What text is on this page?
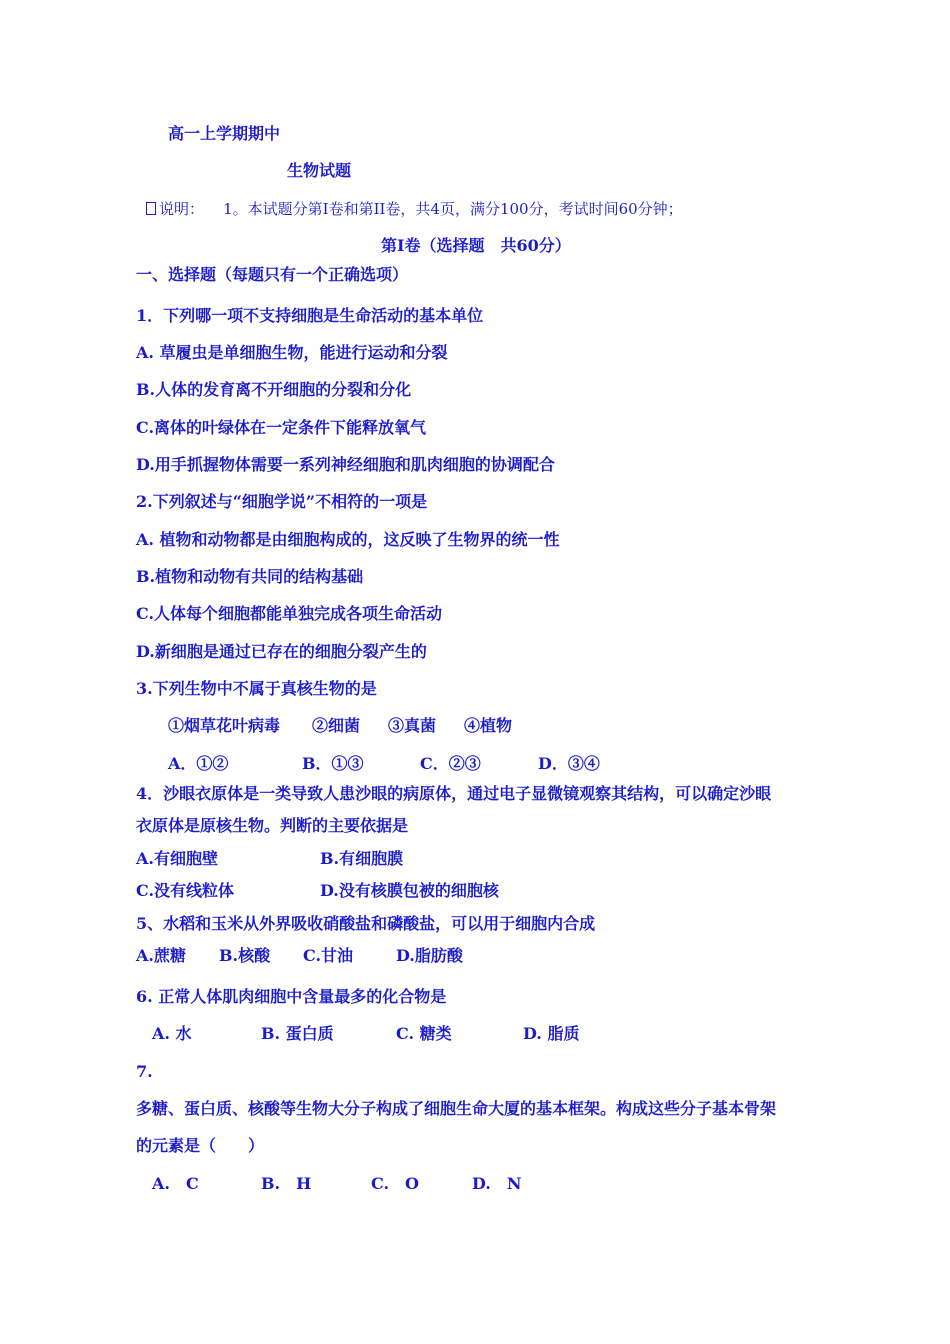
高一上学期期中
生物试题
说明： 1。本试题分第I卷和第II卷，共4页，满分100分，考试时间60分钟；
第I卷（选择题　共60分）
一、选择题（每题只有一个正确选项）
1．下列哪一项不支持细胞是生命活动的基本单位
A. 草履虫是单细胞生物，能进行运动和分裂
B.人体的发育离不开细胞的分裂和分化
C.离体的叶绿体在一定条件下能释放氧气
D.用手抓握物体需要一系列神经细胞和肌肉细胞的协调配合
2.下列叙述与“细胞学说”不相符的一项是
A. 植物和动物都是由细胞构成的，这反映了生物界的统一性
B.植物和动物有共同的结构基础
C.人体每个细胞都能单独完成各项生命活动
D.新细胞是通过已存在的细胞分裂产生的
3.下列生物中不属于真核生物的是
①烟草花叶病毒 ②细菌 ③真菌 ④植物
A．①②	B．①③	C．②③	D．③④
4．沙眼衣原体是一类导致人患沙眼的病原体，通过电子显微镜观察其结构，可以确定沙眼
衣原体是原核生物。判断的主要依据是
A.有细胞壁	B.有细胞膜
C.没有线粒体	D.没有核膜包被的细胞核
5、水稻和玉米从外界吸收硝酸盐和磷酸盐，可以用于细胞内合成
A.蔗糖 B.核酸 C.甘油	D.脂肪酸
6. 正常人体肌肉细胞中含量最多的化合物是
A. 水	B. 蛋白质	C. 糖类	D. 脂质
7.
多糖、蛋白质、核酸等生物大分子构成了细胞生命大厦的基本框架。构成这些分子基本骨架
的元素是（　　）
A.　C	B.　H	C.　O	D.　N
